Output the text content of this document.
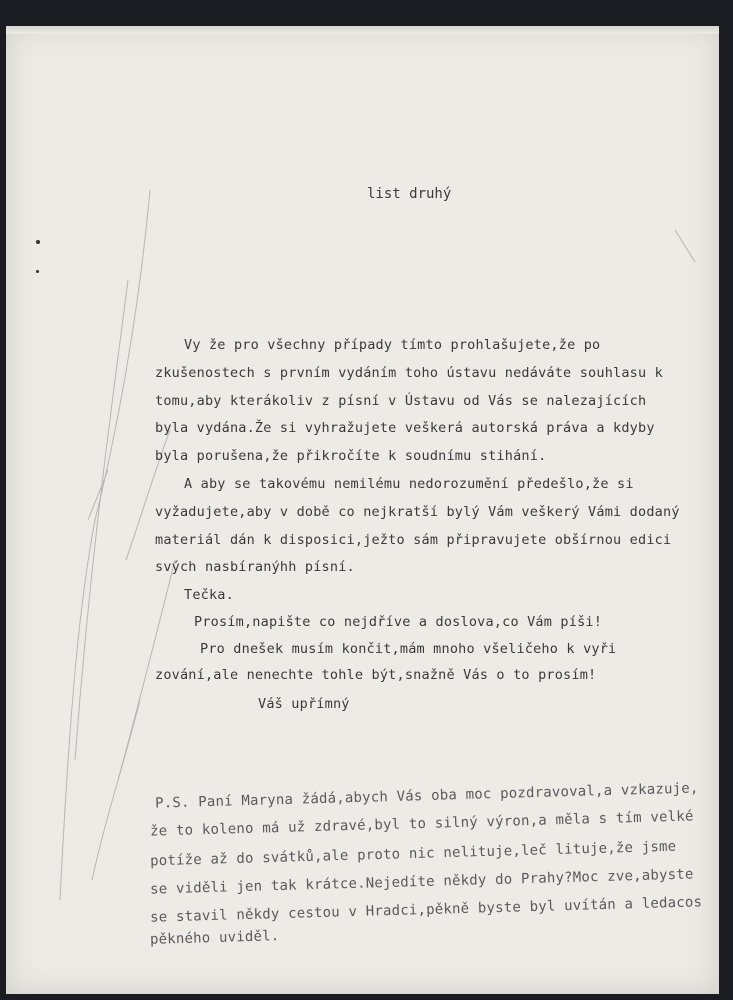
list druhý
Vy že pro všechny případy tímto prohlašujete,že po
zkušenostech s prvním vydáním toho ústavu nedáváte souhlasu k
tomu,aby kterákoliv z písní v Ústavu od Vás se nalezajících
byla vydána.Že si vyhražujete veškerá autorská práva a kdyby
byla porušena,že přikročíte k soudnímu stihání.
A aby se takovému nemilému nedorozumění předešlo,že si
vyžadujete,aby v době co nejkratší bylý Vám veškerý Vámi dodaný
materiál dán k disposici,ježto sám připravujete obšírnou edici
svých nasbíranýhh písní.
Tečka.
Prosím,napište co nejdříve a doslova,co Vám píši!
Pro dnešek musím končit,mám mnoho všeličeho k vyři
zování,ale nenechte tohle být,snažně Vás o to prosím!
Váš upřímný
P.S. Paní Maryna žádá,abych Vás oba moc pozdravoval,a vzkazuje,
že to koleno má už zdravé,byl to silný výron,a měla s tím velké
potíže až do svátků,ale proto nic nelituje,leč lituje,že jsme
se viděli jen tak krátce.Nejedíte někdy do Prahy?Moc zve,abyste
se stavil někdy cestou v Hradci,pěkně byste byl uvítán a ledacos
pěkného uviděl.
